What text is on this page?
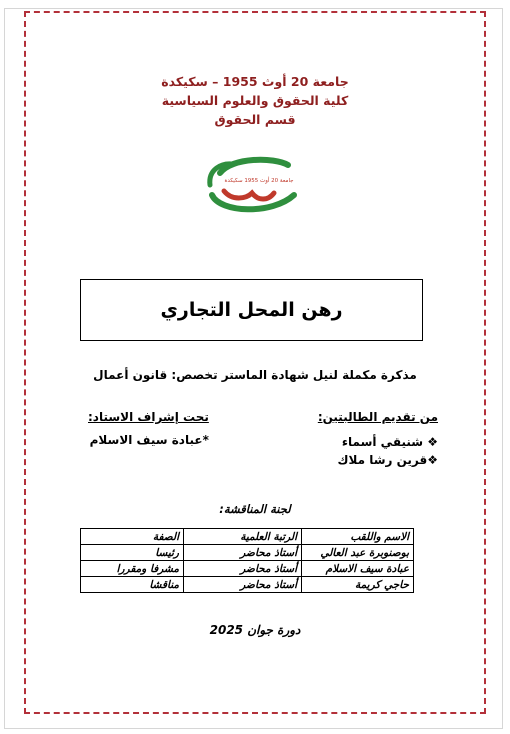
جامعة 20 أوث 1955 – سكيكدة
كلية الحقوق والعلوم السياسية
قسم الحقوق
جامعة 20 أوت 1955 سكيكدة
رهن المحل التجاري
مذكرة مكملة لنيل شهادة الماستر تخصص: قانون أعمال
من تقديم الطالبتين:
❖ شنيقي أسماء
❖قرين رشا ملاك
تحت إشراف الاستاد:
*عبادة سيف الاسلام
لجنة المناقشة:
الاسم واللقب	الرتبة العلمية	الصفة
بوصنوبرة عبد العالي	أستاذ محاضر	رئيسا
عبادة سيف الاسلام	أستاذ محاضر	مشرفا ومقررا
حاجي كريمة	أستاذ محاضر	مناقشا
دورة جوان 2025
